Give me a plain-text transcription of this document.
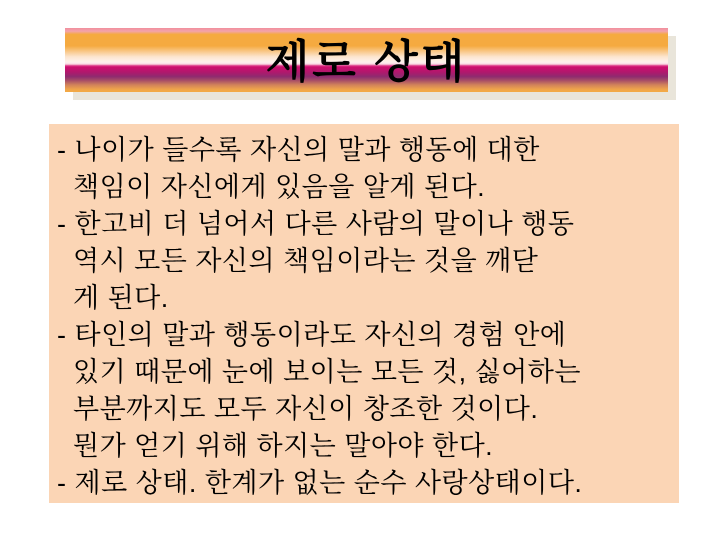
제로 상태
- 나이가 들수록 자신의 말과 행동에 대한
책임이 자신에게 있음을 알게 된다.
- 한고비 더 넘어서 다른 사람의 말이나 행동
역시 모든 자신의 책임이라는 것을 깨닫
게 된다.
- 타인의 말과 행동이라도 자신의 경험 안에
있기 때문에 눈에 보이는 모든 것, 싫어하는
부분까지도 모두 자신이 창조한 것이다.
뭔가 얻기 위해 하지는 말아야 한다.
- 제로 상태. 한계가 없는 순수 사랑상태이다.
